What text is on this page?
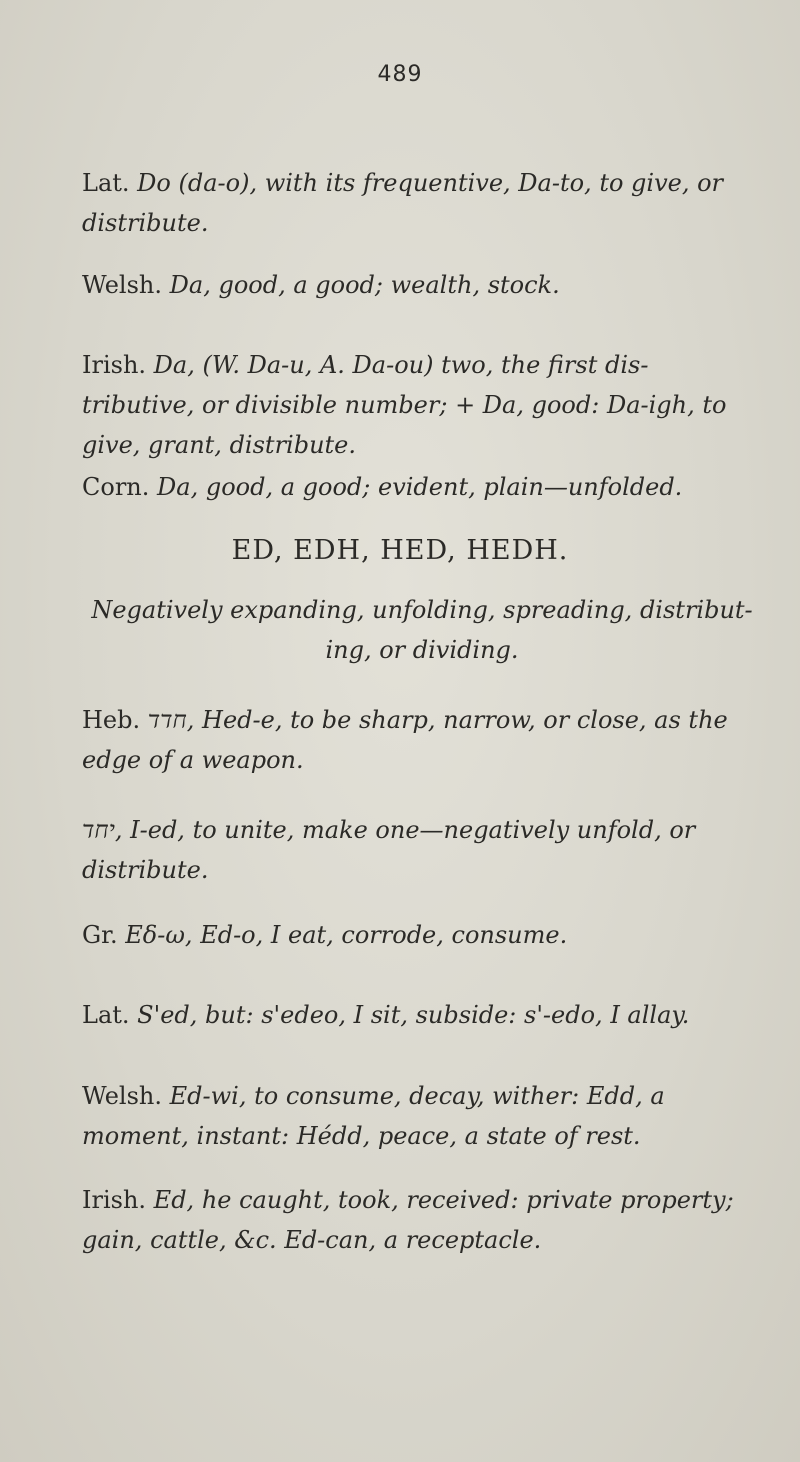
489
Lat. Do (da-o), with its frequentive, Da-to, to give, or distribute.
Welsh. Da, good, a good; wealth, stock.
Irish. Da, (W. Da-u, A. Da-ou) two, the first dis- tributive, or divisible number; + Da, good: Da-igh, to give, grant, distribute.
Corn. Da, good, a good; evident, plain—unfolded.
ED, EDH, HED, HEDH.
Negatively expanding, unfolding, spreading, distribut- ing, or dividing.
Heb. חדד, Hed-e, to be sharp, narrow, or close, as the edge of a weapon.
יחד, I-ed, to unite, make one—negatively unfold, or distribute.
Gr. Εδ-ω, Ed-o, I eat, corrode, consume.
Lat. S'ed, but: s'edeo, I sit, subside: s'-edo, I allay.
Welsh. Ed-wi, to consume, decay, wither: Edd, a moment, instant: Hédd, peace, a state of rest.
Irish. Ed, he caught, took, received: private property; gain, cattle, &c. Ed-can, a receptacle.
